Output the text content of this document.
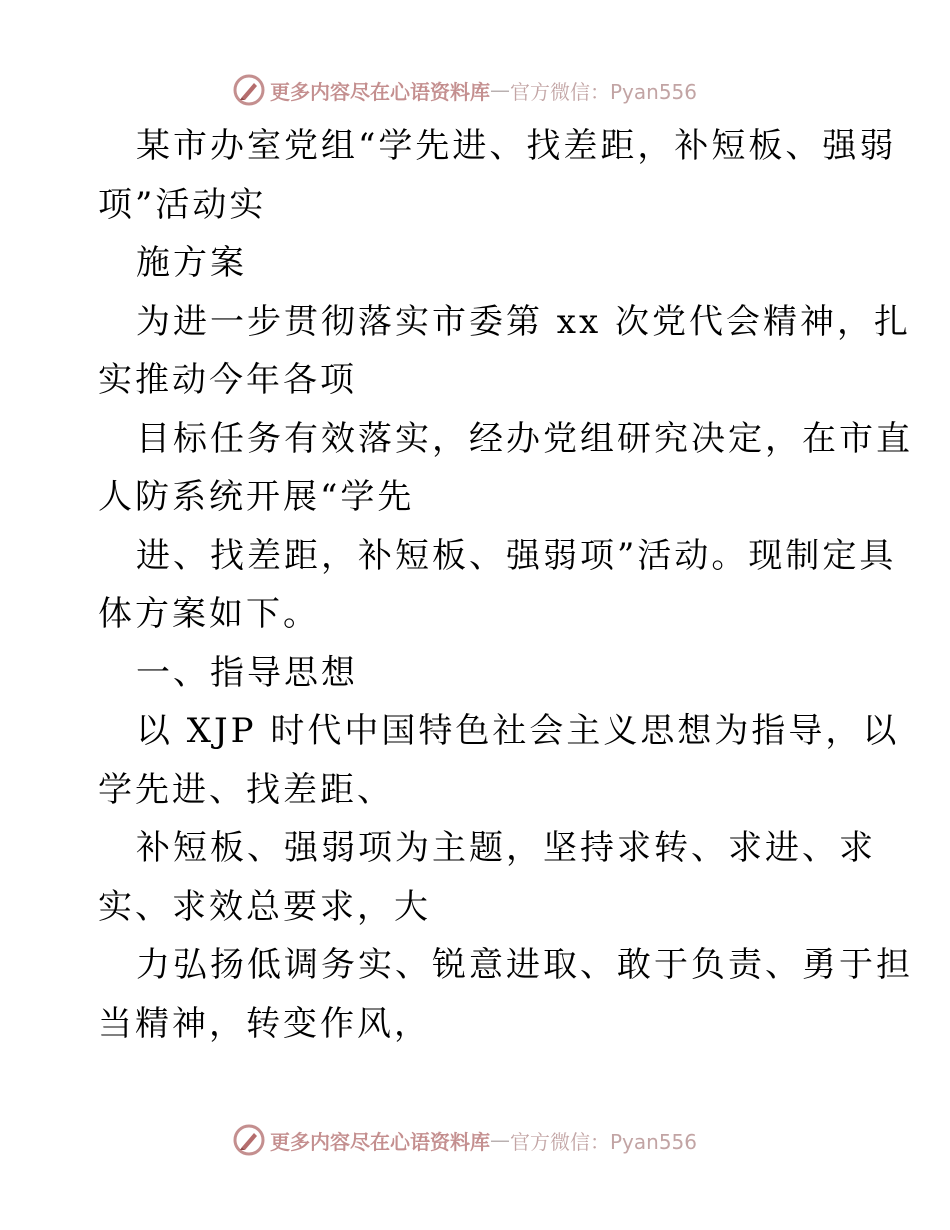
更多内容尽在心语资料库 — 官方微信：Pyan556
某市办室党组“学先进、找差距，补短板、强弱
项”活动实
施方案
为进一步贯彻落实市委第 xx 次党代会精神，扎
实推动今年各项
目标任务有效落实，经办党组研究决定，在市直
人防系统开展“学先
进、找差距，补短板、强弱项”活动。现制定具
体方案如下。
一、指导思想
以 XJP 时代中国特色社会主义思想为指导，以
学先进、找差距、
补短板、强弱项为主题，坚持求转、求进、求
实、求效总要求，大
力弘扬低调务实、锐意进取、敢于负责、勇于担
当精神，转变作风，
更多内容尽在心语资料库 — 官方微信：Pyan556
